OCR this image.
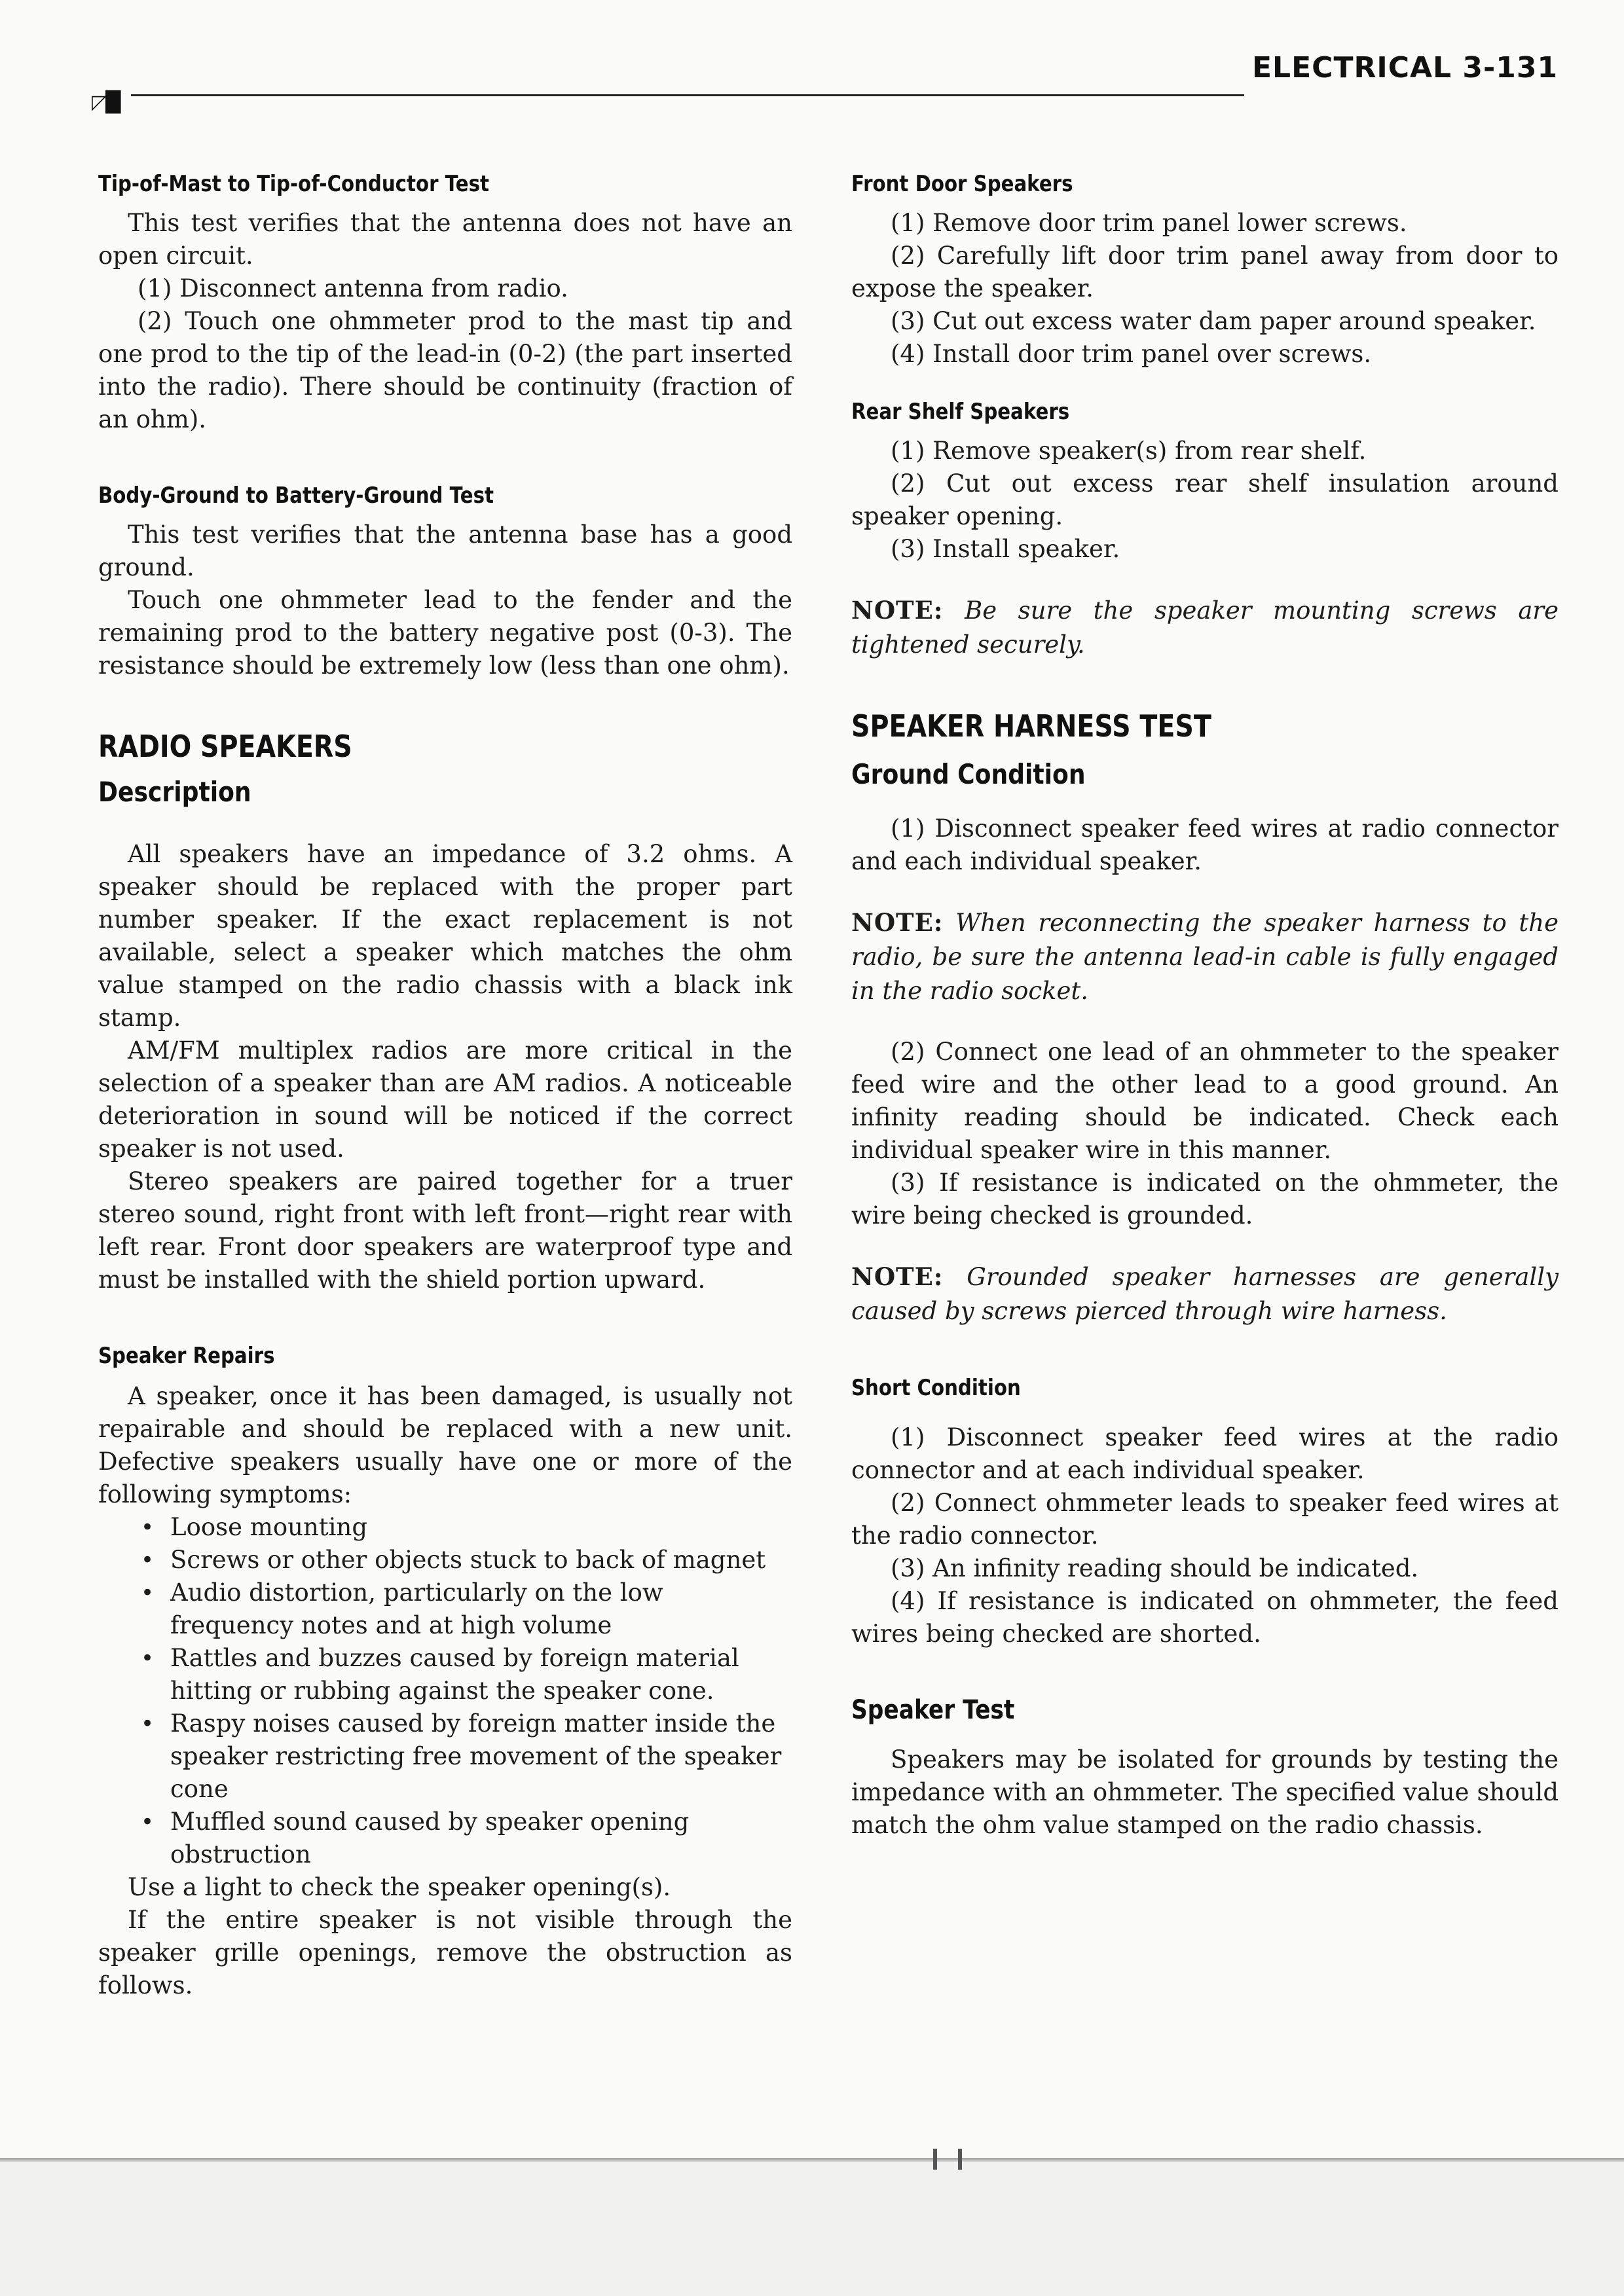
◸█
ELECTRICAL 3-131
Tip-of-Mast to Tip-of-Conductor Test

This test verifies that the antenna does not have an open circuit.

(1) Disconnect antenna from radio.

(2) Touch one ohmmeter prod to the mast tip and one prod to the tip of the lead-in (0-2) (the part inserted into the radio). There should be continuity (fraction of an ohm).

Body-Ground to Battery-Ground Test

This test verifies that the antenna base has a good ground.

Touch one ohmmeter lead to the fender and the remaining prod to the battery negative post (0-3). The resistance should be extremely low (less than one ohm).

RADIO SPEAKERS
Description

All speakers have an impedance of 3.2 ohms. A speaker should be replaced with the proper part number speaker. If the exact replacement is not available, select a speaker which matches the ohm value stamped on the radio chassis with a black ink stamp.

AM/FM multiplex radios are more critical in the selection of a speaker than are AM radios. A noticeable deterioration in sound will be noticed if the correct speaker is not used.

Stereo speakers are paired together for a truer stereo sound, right front with left front—right rear with left rear. Front door speakers are waterproof type and must be installed with the shield portion upward.

Speaker Repairs

A speaker, once it has been damaged, is usually not repairable and should be replaced with a new unit. Defective speakers usually have one or more of the following symptoms:

• Loose mounting
• Screws or other objects stuck to back of magnet
• Audio distortion, particularly on the low frequency notes and at high volume
• Rattles and buzzes caused by foreign material hitting or rubbing against the speaker cone.
• Raspy noises caused by foreign matter inside the speaker restricting free movement of the speaker cone
• Muffled sound caused by speaker opening obstruction

Use a light to check the speaker opening(s).

If the entire speaker is not visible through the speaker grille openings, remove the obstruction as follows.

Front Door Speakers

(1) Remove door trim panel lower screws.

(2) Carefully lift door trim panel away from door to expose the speaker.

(3) Cut out excess water dam paper around speaker.

(4) Install door trim panel over screws.

Rear Shelf Speakers

(1) Remove speaker(s) from rear shelf.

(2) Cut out excess rear shelf insulation around speaker opening.

(3) Install speaker.

NOTE: Be sure the speaker mounting screws are tightened securely.

SPEAKER HARNESS TEST
Ground Condition

(1) Disconnect speaker feed wires at radio connector and each individual speaker.

NOTE: When reconnecting the speaker harness to the radio, be sure the antenna lead-in cable is fully engaged in the radio socket.

(2) Connect one lead of an ohmmeter to the speaker feed wire and the other lead to a good ground. An infinity reading should be indicated. Check each individual speaker wire in this manner.

(3) If resistance is indicated on the ohmmeter, the wire being checked is grounded.

NOTE: Grounded speaker harnesses are generally caused by screws pierced through wire harness.

Short Condition

(1) Disconnect speaker feed wires at the radio connector and at each individual speaker.

(2) Connect ohmmeter leads to speaker feed wires at the radio connector.

(3) An infinity reading should be indicated.

(4) If resistance is indicated on ohmmeter, the feed wires being checked are shorted.

Speaker Test

Speakers may be isolated for grounds by testing the impedance with an ohmmeter. The specified value should match the ohm value stamped on the radio chassis.
